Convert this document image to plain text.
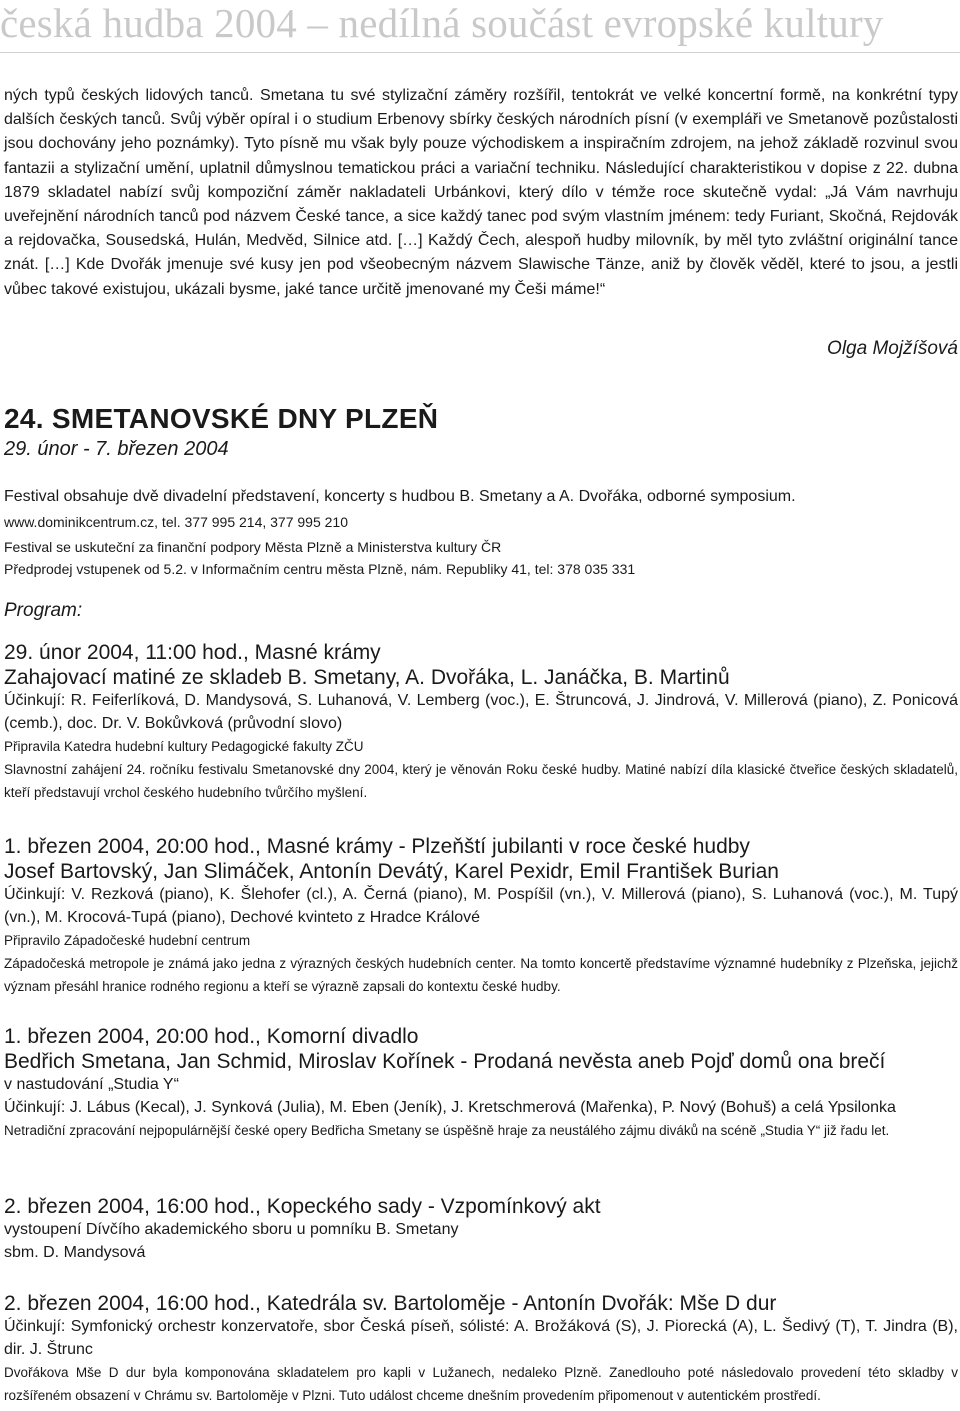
česká hudba 2004 – nedílná součást evropské kultury

ných typů českých lidových tanců. Smetana tu své stylizační záměry rozšířil, tentokrát ve velké koncertní formě, na konkrétní typy dalších českých tanců. Svůj výběr opíral i o studium Erbenovy sbírky českých národních písní (v exempláři ve Smetanově pozůstalosti jsou dochovány jeho poznámky). Tyto písně mu však byly pouze východiskem a inspiračním zdrojem, na jehož základě rozvinul svou fantazii a stylizační umění, uplatnil důmyslnou tematickou práci a variační techniku. Následující charakteristikou v dopise z 22. dubna 1879 skladatel nabízí svůj kompoziční záměr nakladateli Urbánkovi, který dílo v témže roce skutečně vydal: „Já Vám navrhuju uveřejnění národních tanců pod názvem České tance, a sice každý tanec pod svým vlastním jménem: tedy Furiant, Skočná, Rejdovák a rejdovačka, Sousedská, Hulán, Medvěd, Silnice atd. […] Každý Čech, alespoň hudby milovník, by měl tyto zvláštní originální tance znát. […] Kde Dvořák jmenuje své kusy jen pod všeobecným názvem Slawische Tänze, aniž by člověk věděl, které to jsou, a jestli vůbec takové existujou, ukázali bysme, jaké tance určitě jmenované my Češi máme!“

Olga Mojžíšová
24. SMETANOVSKÉ DNY PLZEŇ
29. únor - 7. březen 2004

Festival obsahuje dvě divadelní představení, koncerty s hudbou B. Smetany a A. Dvořáka, odborné symposium.

www.dominikcentrum.cz, tel. 377 995 214, 377 995 210

Festival se uskuteční za finanční podpory Města Plzně a Ministerstva kultury ČR

Předprodej vstupenek od 5.2. v Informačním centru města Plzně, nám. Republiky 41, tel: 378 035 331

Program:

29. únor 2004, 11:00 hod., Masné krámy

Zahajovací matiné ze skladeb B. Smetany, A. Dvořáka, L. Janáčka, B. Martinů

Účinkují: R. Feiferlíková, D. Mandysová, S. Luhanová, V. Lemberg (voc.), E. Štruncová, J. Jindrová, V. Millerová (piano), Z. Ponicová (cemb.), doc. Dr. V. Bokůvková (průvodní slovo)

Připravila Katedra hudební kultury Pedagogické fakulty ZČU

Slavnostní zahájení 24. ročníku festivalu Smetanovské dny 2004, který je věnován Roku české hudby. Matiné nabízí díla klasické čtveřice českých skladatelů, kteří představují vrchol českého hudebního tvůrčího myšlení.

1. březen 2004, 20:00 hod., Masné krámy - Plzeňští jubilanti v roce české hudby

Josef Bartovský, Jan Slimáček, Antonín Devátý, Karel Pexidr, Emil František Burian

Účinkují: V. Rezková (piano), K. Šlehofer (cl.), A. Černá (piano), M. Pospíšil (vn.), V. Millerová (piano), S. Luhanová (voc.), M. Tupý (vn.), M. Krocová-Tupá (piano), Dechové kvinteto z Hradce Králové

Připravilo Západočeské hudební centrum

Západočeská metropole je známá jako jedna z výrazných českých hudebních center. Na tomto koncertě představíme významné hudebníky z Plzeňska, jejichž význam přesáhl hranice rodného regionu a kteří se výrazně zapsali do kontextu české hudby.

1. březen 2004, 20:00 hod., Komorní divadlo

Bedřich Smetana, Jan Schmid, Miroslav Kořínek - Prodaná nevěsta aneb Pojď domů ona brečí

v nastudování „Studia Y“

Účinkují: J. Lábus (Kecal), J. Synková (Julia), M. Eben (Jeník), J. Kretschmerová (Mařenka), P. Nový (Bohuš) a celá Ypsilonka

Netradiční zpracování nejpopulárnější české opery Bedřicha Smetany se úspěšně hraje za neustálého zájmu diváků na scéně „Studia Y“ již řadu let.

2. březen 2004, 16:00 hod., Kopeckého sady - Vzpomínkový akt

vystoupení Dívčího akademického sboru u pomníku B. Smetany

sbm. D. Mandysová

2. březen 2004, 16:00 hod., Katedrála sv. Bartoloměje - Antonín Dvořák: Mše D dur

Účinkují: Symfonický orchestr konzervatoře, sbor Česká píseň, sólisté: A. Brožáková (S), J. Piorecká (A), L. Šedivý (T), T. Jindra (B), dir. J. Štrunc

Dvořákova Mše D dur byla komponována skladatelem pro kapli v Lužanech, nedaleko Plzně. Zanedlouho poté následovalo provedení této skladby v rozšířeném obsazení v Chrámu sv. Bartoloměje v Plzni. Tuto událost chceme dnešním provedením připomenout v autentickém prostředí.
